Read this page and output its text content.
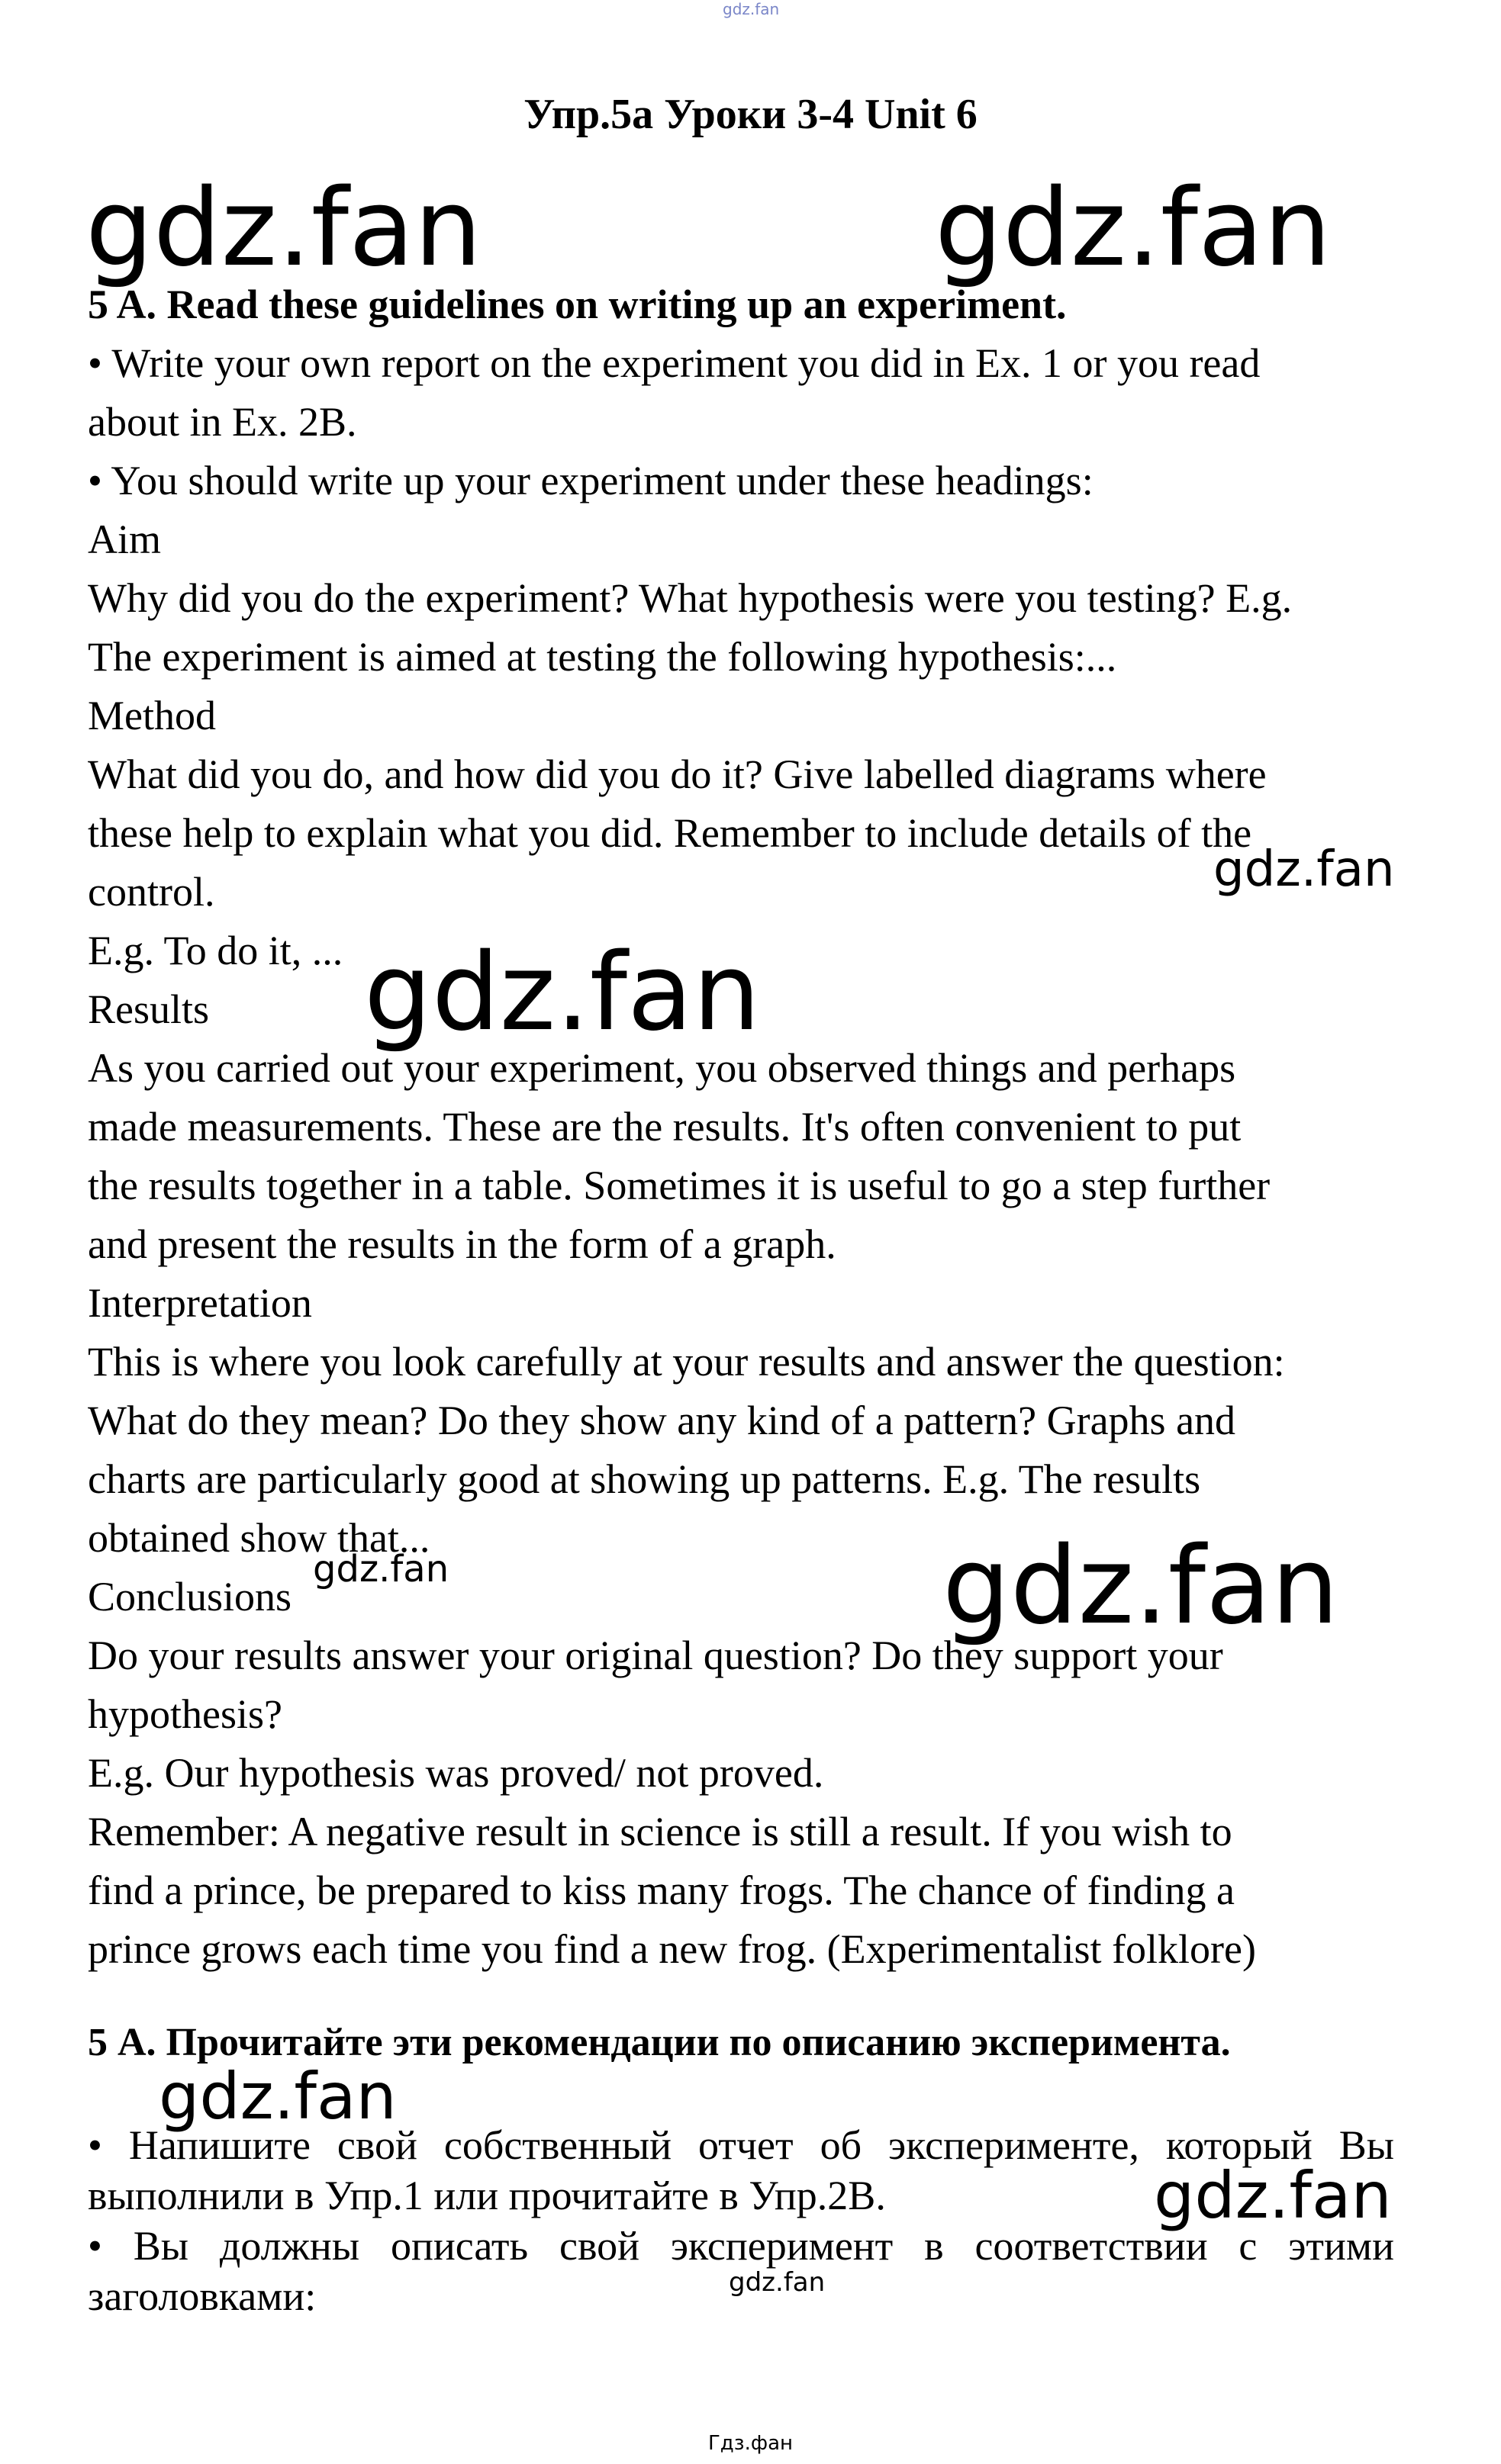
gdz.fan
Упр.5а Уроки 3-4 Unit 6
5 A. Read these guidelines on writing up an experiment.
• Write your own report on the experiment you did in Ex. 1 or you read
about in Ex. 2B.
• You should write up your experiment under these headings:
Aim
Why did you do the experiment? What hypothesis were you testing? E.g.
The experiment is aimed at testing the following hypothesis:...
Method
What did you do, and how did you do it? Give labelled diagrams where
these help to explain what you did. Remember to include details of the
control.
E.g. To do it, ...
Results
As you carried out your experiment, you observed things and perhaps
made measurements. These are the results. It's often convenient to put
the results together in a table. Sometimes it is useful to go a step further
and present the results in the form of a graph.
Interpretation
This is where you look carefully at your results and answer the question:
What do they mean? Do they show any kind of a pattern? Graphs and
charts are particularly good at showing up patterns. E.g. The results
obtained show that...
Conclusions
Do your results answer your original question? Do they support your
hypothesis?
E.g. Our hypothesis was proved/ not proved.
Remember: A negative result in science is still a result. If you wish to
find a prince, be prepared to kiss many frogs. The chance of finding a
prince grows each time you find a new frog. (Experimentalist folklore)
5 А. Прочитайте эти рекомендации по описанию эксперимента.
• Напишите свой собственный отчет об эксперименте, который Вы
выполнили в Упр.1 или прочитайте в Упр.2В.
• Вы должны описать свой эксперимент в соответствии с этими
заголовками:
gdz.fan	gdz.fan
gdz.fan
gdz.fan
gdz.fan	gdz.fan
gdz.fan
gdz.fan
gdz.fan
Гдз.фан
